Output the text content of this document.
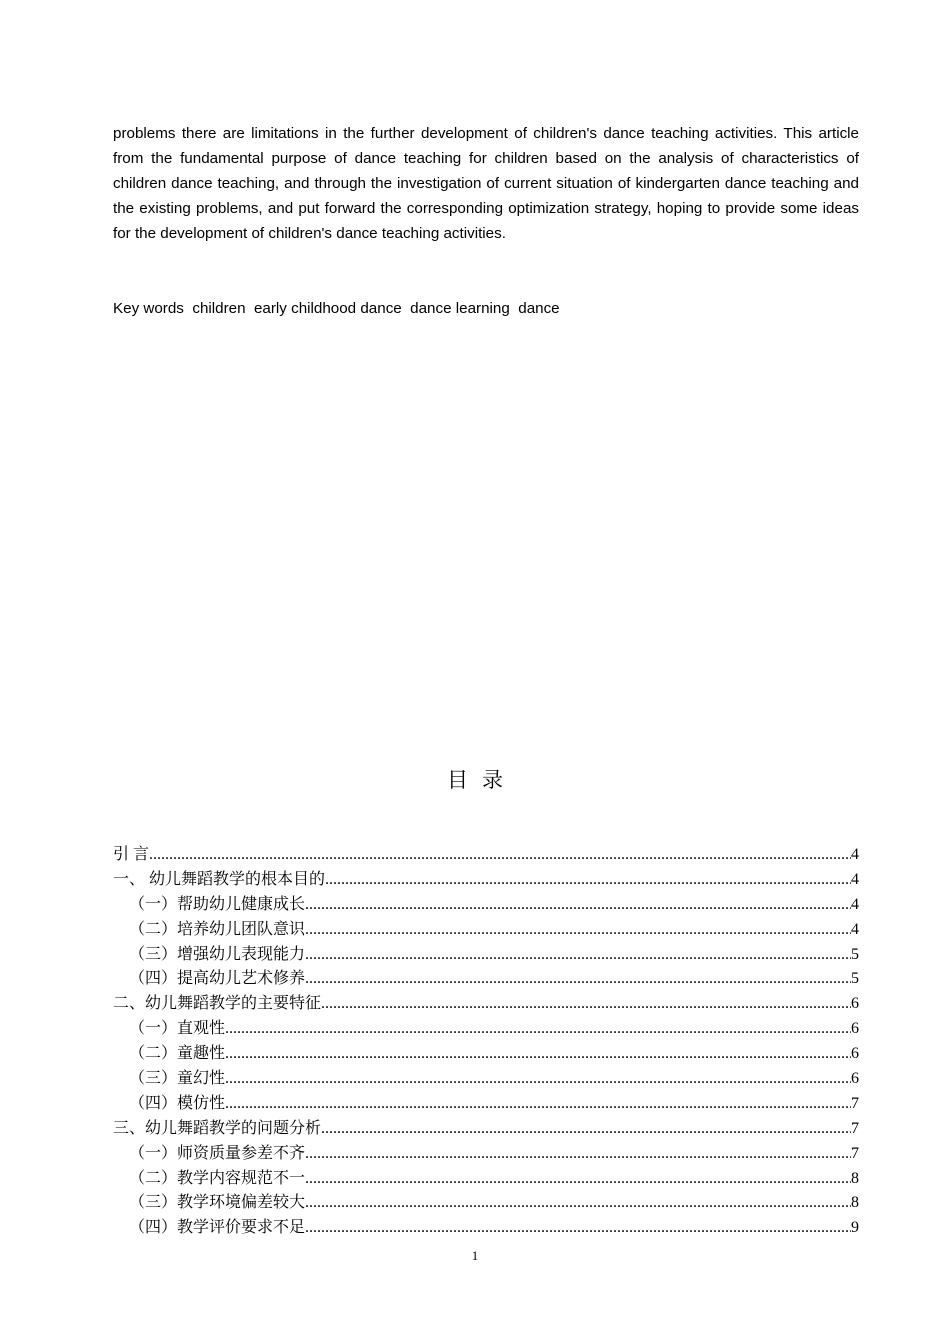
problems there are limitations in the further development of children's dance teaching activities. This article from the fundamental purpose of dance teaching for children based on the analysis of characteristics of children dance teaching, and through the investigation of current situation of kindergarten dance teaching and the existing problems, and put forward the corresponding optimization strategy, hoping to provide some ideas for the development of children's dance teaching activities.

Key words  children  early childhood dance  dance learning  dance
目录
引 言 .....	4
一、 幼儿舞蹈教学的根本目的 .....	4
（一）帮助幼儿健康成长 .....	4
（二）培养幼儿团队意识 .....	4
（三）增强幼儿表现能力 .....	5
（四）提高幼儿艺术修养 .....	5
二、幼儿舞蹈教学的主要特征 .....	6
（一）直观性 .....	6
（二）童趣性 .....	6
（三）童幻性 .....	6
（四）模仿性 .....	7
三、幼儿舞蹈教学的问题分析 .....	7
（一）师资质量参差不齐 .....	7
（二）教学内容规范不一 .....	8
（三）教学环境偏差较大 .....	8
（四）教学评价要求不足 .....	9
1
